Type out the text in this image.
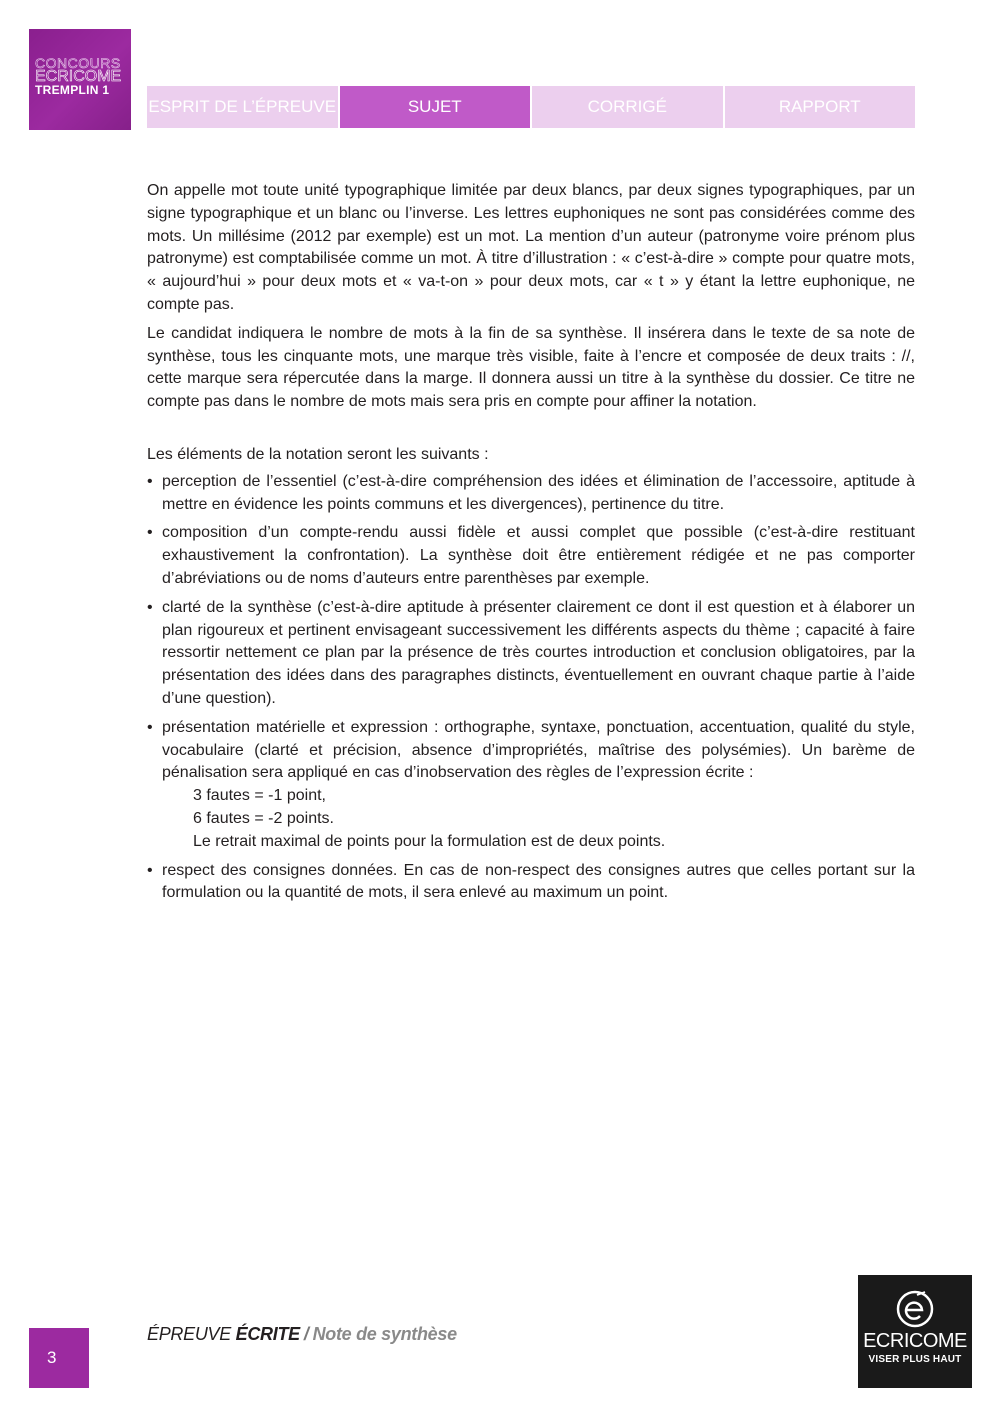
CONCOURS
ECRICOME
TREMPLIN 1
ESPRIT DE L’ÉPREUVE	SUJET	CORRIGÉ	RAPPORT

On appelle mot toute unité typographique limitée par deux blancs, par deux signes typographiques, par un signe typographique et un blanc ou l’inverse. Les lettres euphoniques ne sont pas considérées comme des mots. Un millésime (2012 par exemple) est un mot. La mention d’un auteur (patronyme voire prénom plus patronyme) est comptabilisée comme un mot. À titre d’illustration : « c’est-à-dire » compte pour quatre mots, « aujourd’hui » pour deux mots et « va-t-on » pour deux mots, car « t » y étant la lettre euphonique, ne compte pas.

Le candidat indiquera le nombre de mots à la fin de sa synthèse. Il insérera dans le texte de sa note de synthèse, tous les cinquante mots, une marque très visible, faite à l’encre et composée de deux traits : //, cette marque sera répercutée dans la marge. Il donnera aussi un titre à la synthèse du dossier. Ce titre ne compte pas dans le nombre de mots mais sera pris en compte pour affiner la notation.

Les éléments de la notation seront les suivants :

• perception de l’essentiel (c’est-à-dire compréhension des idées et élimination de l’accessoire, aptitude à mettre en évidence les points communs et les divergences), pertinence du titre.
• composition d’un compte-rendu aussi fidèle et aussi complet que possible (c’est-à-dire restituant exhaustivement la confrontation). La synthèse doit être entièrement rédigée et ne pas comporter d’abréviations ou de noms d’auteurs entre parenthèses par exemple.
• clarté de la synthèse (c’est-à-dire aptitude à présenter clairement ce dont il est question et à élaborer un plan rigoureux et pertinent envisageant successivement les différents aspects du thème ; capacité à faire ressortir nettement ce plan par la présence de très courtes introduction et conclusion obligatoires, par la présentation des idées dans des paragraphes distincts, éventuellement en ouvrant chaque partie à l’aide d’une question).
• présentation matérielle et expression : orthographe, syntaxe, ponctuation, accentuation, qualité du style, vocabulaire (clarté et précision, absence d’impropriétés, maîtrise des polysémies). Un barème de pénalisation sera appliqué en cas d’inobservation des règles de l’expression écrite :
3 fautes = -1 point,
6 fautes = -2 points.
Le retrait maximal de points pour la formulation est de deux points.
• respect des consignes données. En cas de non-respect des consignes autres que celles portant sur la formulation ou la quantité de mots, il sera enlevé au maximum un point.
3
ÉPREUVE ÉCRITE / Note de synthèse	ECRICOME
VISER PLUS HAUT
